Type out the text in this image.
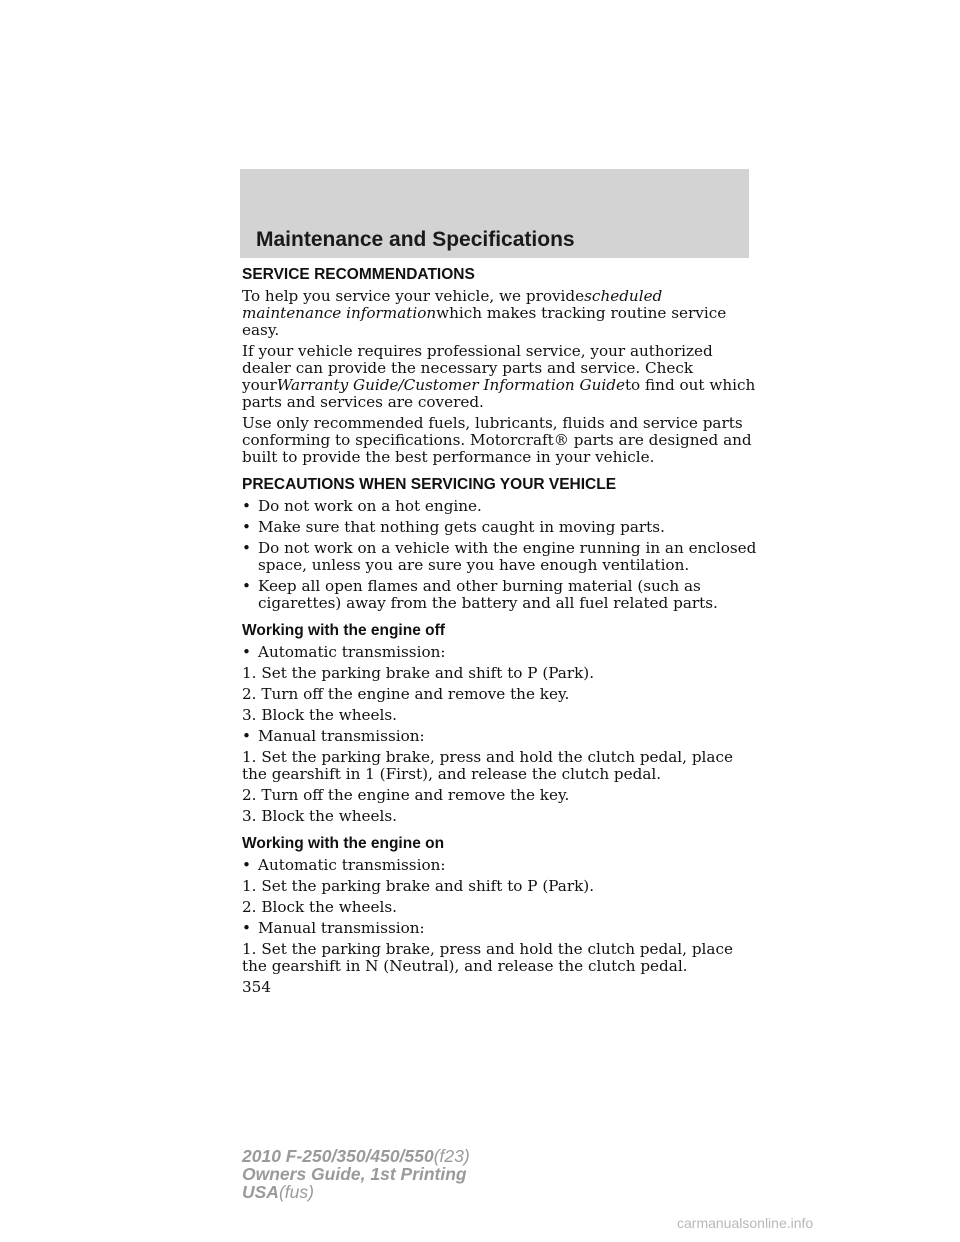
Maintenance and Specifications
SERVICE RECOMMENDATIONS
To help you service your vehicle, we providescheduled maintenance informationwhich makes tracking routine service easy.
If your vehicle requires professional service, your authorized dealer can provide the necessary parts and service. Check yourWarranty Guide/Customer Information Guideto find out which parts and services are covered.
Use only recommended fuels, lubricants, fluids and service parts conforming to specifications. Motorcraft® parts are designed and built to provide the best performance in your vehicle.
PRECAUTIONS WHEN SERVICING YOUR VEHICLE
• Do not work on a hot engine.
• Make sure that nothing gets caught in moving parts.
• Do not work on a vehicle with the engine running in an enclosed space, unless you are sure you have enough ventilation.
• Keep all open flames and other burning material (such as cigarettes) away from the battery and all fuel related parts.
Working with the engine off
• Automatic transmission:
1. Set the parking brake and shift to P (Park).
2. Turn off the engine and remove the key.
3. Block the wheels.
• Manual transmission:
1. Set the parking brake, press and hold the clutch pedal, place the gearshift in 1 (First), and release the clutch pedal.
2. Turn off the engine and remove the key.
3. Block the wheels.
Working with the engine on
• Automatic transmission:
1. Set the parking brake and shift to P (Park).
2. Block the wheels.
• Manual transmission:
1. Set the parking brake, press and hold the clutch pedal, place the gearshift in N (Neutral), and release the clutch pedal.
354
2010 F-250/350/450/550(f23)
Owners Guide, 1st Printing
USA(fus)
carmanualsonline.info
